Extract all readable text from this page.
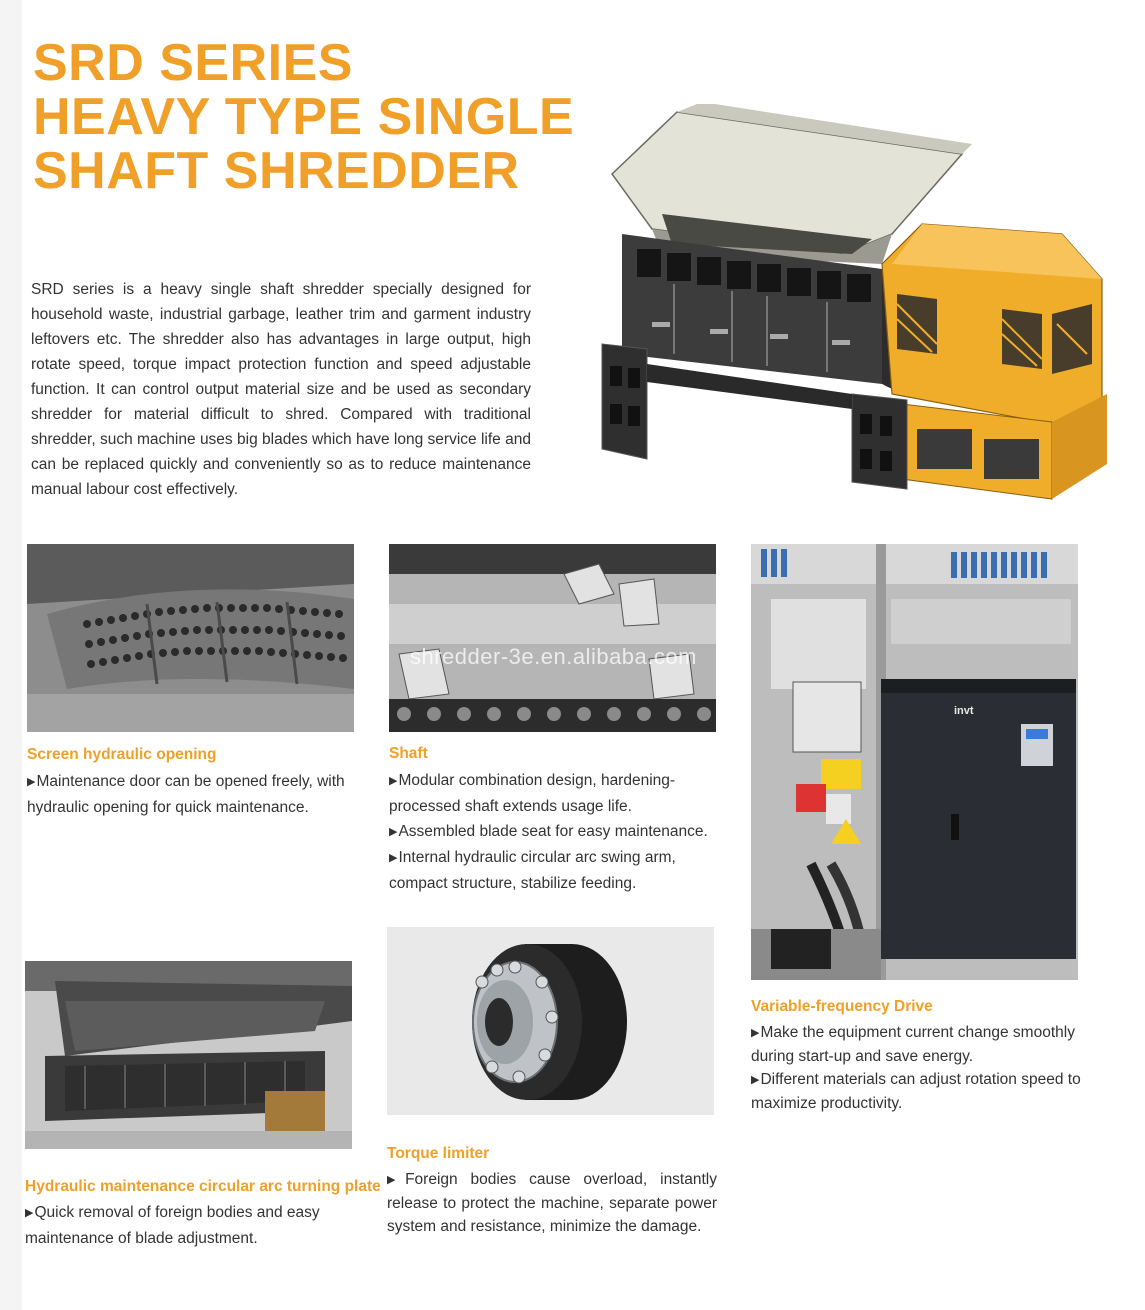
SRD SERIES
HEAVY TYPE SINGLE
SHAFT SHREDDER

SRD series is a heavy single shaft shredder specially designed for household waste, industrial garbage, leather trim and garment industry leftovers etc. The shredder also has advantages in large output, high rotate speed, torque impact protection function and speed adjustable function. It can control output material size and be used as secondary shredder for material difficult to shred. Compared with traditional shredder, such machine uses big blades which have long service life and can be replaced quickly and conveniently so as to reduce maintenance manual labour cost effectively.

shredder-3e.en.alibaba.com
invt
Screen hydraulic opening

▶Maintenance door can be opened freely, with hydraulic opening for quick maintenance.

Shaft

▶Modular combination design, hardening-processed shaft extends usage life.

▶Assembled blade seat for easy maintenance.

▶Internal hydraulic circular arc swing arm, compact structure, stabilize feeding.

Variable-frequency Drive

▶Make the equipment current change smoothly during start-up and save energy.

▶Different materials can adjust rotation speed to maximize productivity.

Hydraulic maintenance circular arc turning plate

▶Quick removal of foreign bodies and easy maintenance of blade adjustment.

Torque limiter

▶Foreign bodies cause overload, instantly release to protect the machine, separate power system and resistance, minimize the damage.
